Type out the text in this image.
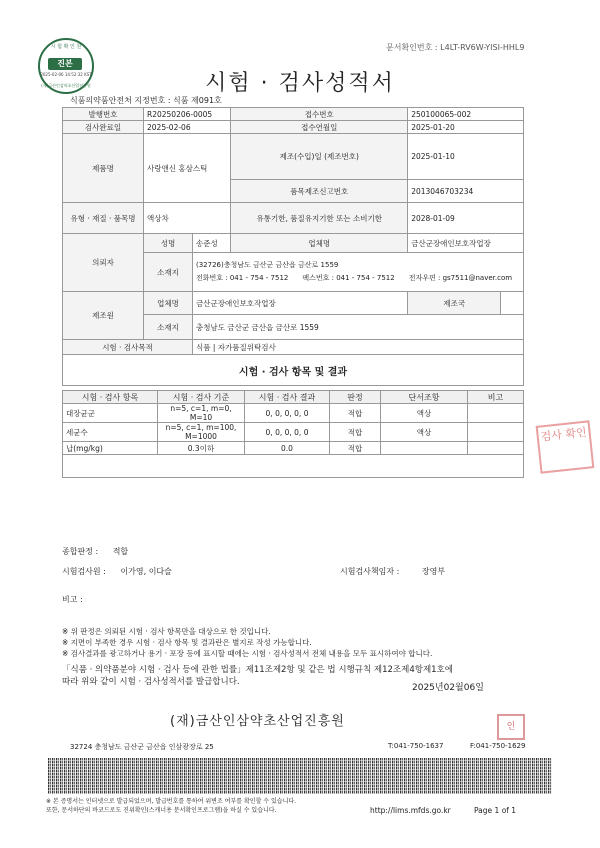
시 험 확 인 원
진본
2025-02-06 14:52:32 KST
(재)금산인삼약초산업진흥원
문서확인번호 : L4LT-RV6W-YISI-HHL9
시험 · 검사성적서
식품의약품안전처 지정번호 : 식품 제091호
발행번호	R20250206-0005		접수번호	250100065-002	
검사완료일	2025-02-06		접수연월일	2025-01-20	
제품명	사랑앤신 홍삼스틱		제조(수입)일 (제조번호)	2025-01-10	
			품목제조신고번호	2013046703234	
유형 · 재질 · 품목명	액상차		유통기한, 품질유지기한 또는 소비기한	2028-01-09	
의뢰자	성명	송준성	업체명	금산군장애인보호작업장	
	소재지	(32726)충청남도 금산군 금산읍 금산로 1559
전화번호 : 041 - 754 - 7512 팩스번호 : 041 - 754 - 7512 전자우편 : gs7511@naver.com			

제조원	업체명	금산군장애인보호작업장		제조국	
	소재지	충청남도 금산군 금산읍 금산로 1559			
시험 · 검사목적		식품 | 자가품질위탁검사			
시험 · 검사 항목 및 결과					
시험 · 검사 항목	시험 · 검사 기준	시험 · 검사 결과	판정	단서조항	비고
대장균군	n=5, c=1, m=0, M=10	0, 0, 0, 0, 0	적합	액상	
세균수	n=5, c=1, m=100, M=1000	0, 0, 0, 0, 0	적합	액상	
납(mg/kg)	0.3이하	0.0	적합		

검사 확인
종합판정 : 적합
시험검사원 : 이가영, 이다슬	시험검사책임자 :	장영부
비고 :
※ 위 판정은 의뢰된 시험 · 검사 항목만을 대상으로 한 것입니다.
※ 지면이 부족한 경우 시험 · 검사 항목 및 결과란은 별지로 작성 가능합니다.
※ 검사결과를 광고하거나 용기 · 포장 등에 표시할 때에는 시험 · 검사성적서 전체 내용을 모두 표시하여야 합니다.
「식품 · 의약품분야 시험 · 검사 등에 관한 법률」제11조제2항 및 같은 법 시행규칙 제12조제4항제1호에
따라 위와 같이 시험 · 검사성적서를 발급합니다.
2025년02월06일
(재)금산인삼약초산업진흥원	인
32724 충청남도 금산군 금산읍 인삼광장로 25	T:041-750-1637	F:041-750-1629
※ 본 증명서는 인터넷으로 발급되었으며, 발급번호를 통하여 위변조 여부를 확인할 수 있습니다.
또한, 문서하단의 바코드로도 진위확인(스캐너용 문서확인프로그램)을 하실 수 있습니다.	http://lims.mfds.go.kr	Page 1 of 1
